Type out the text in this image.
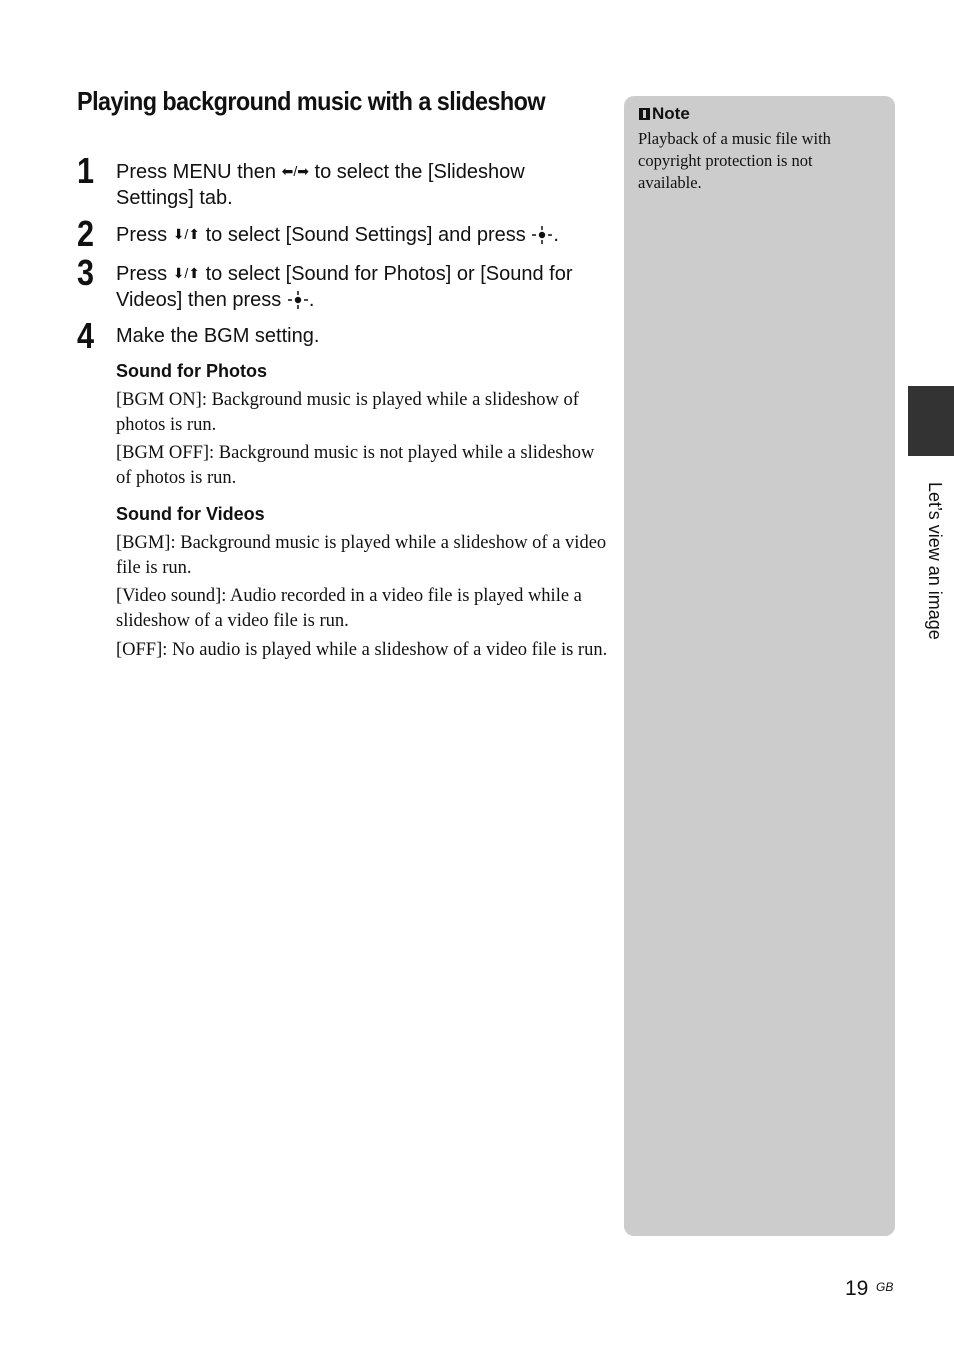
Playing background music with a slideshow
1 Press MENU then ⬅/➡ to select the [Slideshow Settings] tab.
2 Press ⬇/⬆ to select [Sound Settings] and press .
3 Press ⬇/⬆ to select [Sound for Photos] or [Sound for Videos] then press .
4 Make the BGM setting.
Sound for Photos
[BGM ON]: Background music is played while a slideshow of photos is run.
[BGM OFF]: Background music is not played while a slideshow of photos is run.
Sound for Videos
[BGM]: Background music is played while a slideshow of a video file is run.
[Video sound]: Audio recorded in a video file is played while a slideshow of a video file is run.
[OFF]: No audio is played while a slideshow of a video file is run.
Note
Playback of a music file with copyright protection is not available.
Let’s view an image
19 GB
